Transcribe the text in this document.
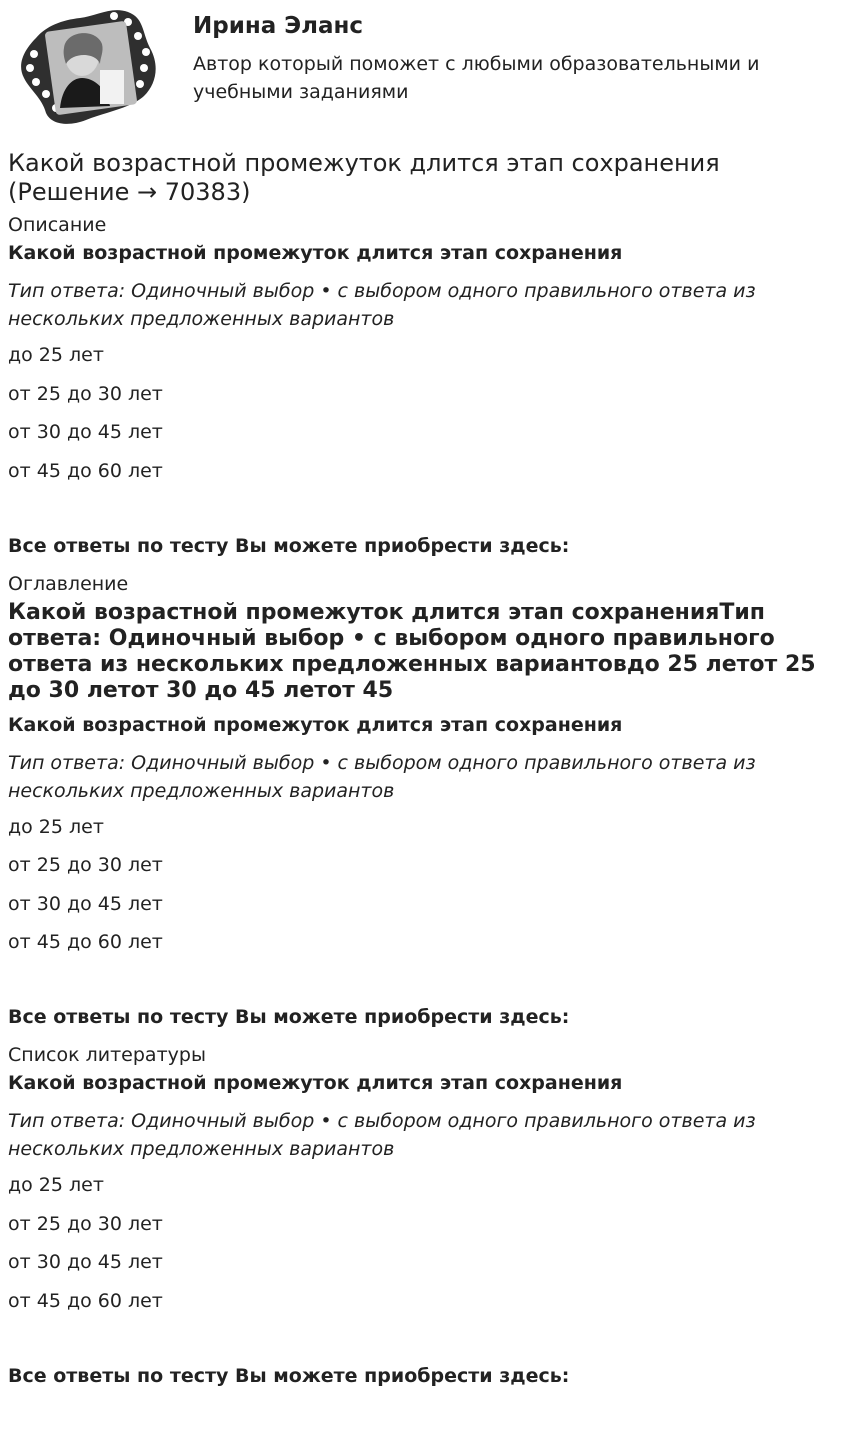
Ирина Эланс

Автор который поможет с любыми образовательными и учебными заданиями

Какой возрастной промежуток длится этап сохранения (Решение → 70383)
Описание
Какой возрастной промежуток длится этап сохранения
Тип ответа: Одиночный выбор • с выбором одного правильного ответа из нескольких предложенных вариантов
до 25 лет
от 25 до 30 лет
от 30 до 45 лет
от 45 до 60 лет
Все ответы по тесту Вы можете приобрести здесь:
Оглавление
Какой возрастной промежуток длится этап сохраненияТип ответа: Одиночный выбор • с выбором одного правильного ответа из нескольких предложенных вариантовдо 25 летот 25 до 30 летот 30 до 45 летот 45
Какой возрастной промежуток длится этап сохранения
Тип ответа: Одиночный выбор • с выбором одного правильного ответа из нескольких предложенных вариантов
до 25 лет
от 25 до 30 лет
от 30 до 45 лет
от 45 до 60 лет
Все ответы по тесту Вы можете приобрести здесь:
Список литературы
Какой возрастной промежуток длится этап сохранения
Тип ответа: Одиночный выбор • с выбором одного правильного ответа из нескольких предложенных вариантов
до 25 лет
от 25 до 30 лет
от 30 до 45 лет
от 45 до 60 лет
Все ответы по тесту Вы можете приобрести здесь:
